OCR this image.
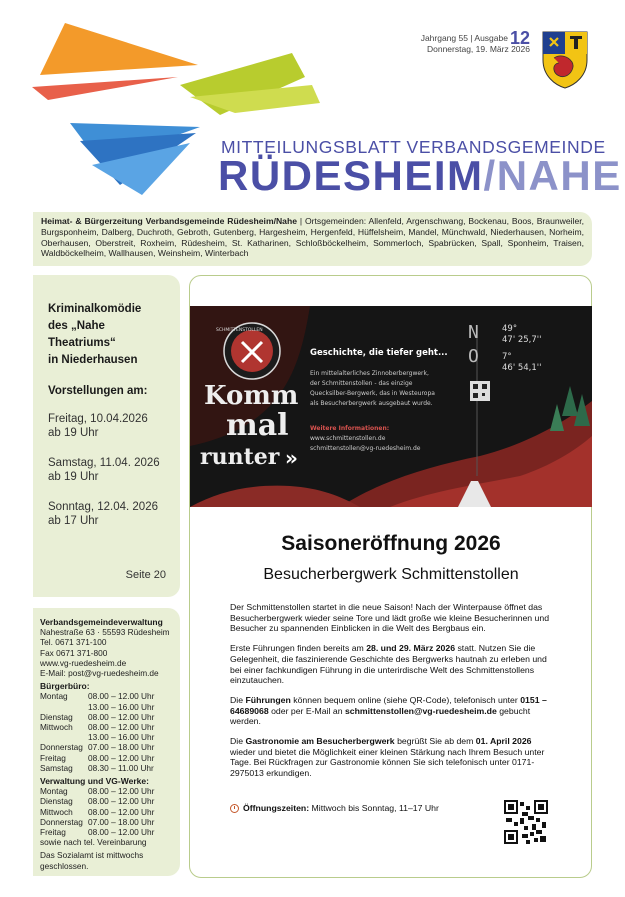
Jahrgang 55 | Ausgabe 12
Donnerstag, 19. März 2026
MITTEILUNGSBLATT VERBANDSGEMEINDE
RÜDESHEIM/NAHE
Heimat- & Bürgerzeitung Verbandsgemeinde Rüdesheim/Nahe | Ortsgemeinden: Allenfeld, Argenschwang, Bockenau, Boos, Braunweiler, Burgsponheim, Dalberg, Duchroth, Gebroth, Gutenberg, Hargesheim, Hergenfeld, Hüffelsheim, Mandel, Münchwald, Niederhausen, Norheim, Oberhausen, Oberstreit, Roxheim, Rüdesheim, St. Katharinen, Schloßböckelheim, Sommerloch, Spabrücken, Spall, Sponheim, Traisen, Waldböckelheim, Wallhausen, Weinsheim, Winterbach
Kriminalkomödie
des „Nahe Theatriums“
in Niederhausen
Vorstellungen am:
Freitag, 10.04.2026
ab 19 Uhr
Samstag, 11.04. 2026
ab 19 Uhr
Sonntag, 12.04. 2026
ab 17 Uhr
Seite 20
Verbandsgemeindeverwaltung
Nahestraße 63 · 55593 Rüdesheim
Tel. 0671 371-100
Fax 0671 371-800
www.vg-ruedesheim.de
E-Mail: post@vg-ruedesheim.de
Bürgerbüro:
Montag	08.00 – 12.00 Uhr
13.00 – 16.00 Uhr
Dienstag	08.00 – 12.00 Uhr
Mittwoch	08.00 – 12.00 Uhr
13.00 – 16.00 Uhr
Donnerstag 07.00 – 18.00 Uhr
Freitag	08.00 – 12.00 Uhr
Samstag	08.30 – 11.00 Uhr
Verwaltung und VG-Werke:
Montag	08.00 – 12.00 Uhr
Dienstag	08.00 – 12.00 Uhr
Mittwoch	08.00 – 12.00 Uhr
Donnerstag 07.00 – 18.00 Uhr
Freitag	08.00 – 12.00 Uhr
sowie nach tel. Vereinbarung
Das Sozialamt ist mittwochs geschlossen.
SCHMITTENSTOLLEN
Komm
mal
runter »
Geschichte, die tiefer geht...
Ein mittelalterliches Zinnoberbergwerk,
der Schmittenstollen - das einzige
Quecksilber-Bergwerk, das in Westeuropa
als Besucherbergwerk ausgebaut wurde.
Weitere Informationen:
www.schmittenstollen.de
schmittenstollen@vg-ruedesheim.de
N
O
49°
47' 25,7''
7°
46' 54,1''
Saisoneröffnung 2026
Besucherbergwerk Schmittenstollen

Der Schmittenstollen startet in die neue Saison! Nach der Winterpause öffnet das Besucherbergwerk wieder seine Tore und lädt große wie kleine Besucherinnen und Besucher zu spannenden Einblicken in die Welt des Bergbaus ein.

Erste Führungen finden bereits am 28. und 29. März 2026 statt. Nutzen Sie die Gelegenheit, die faszinierende Geschichte des Bergwerks hautnah zu erleben und bei einer fachkundigen Führung in die unterirdische Welt des Schmittenstollens einzutauchen.

Die Führungen können bequem online (siehe QR-Code), telefonisch unter 0151 – 64689068 oder per E-Mail an schmittenstollen@vg-ruedesheim.de gebucht werden.

Die Gastronomie am Besucherbergwerk begrüßt Sie ab dem 01. April 2026 wieder und bietet die Möglichkeit einer kleinen Stärkung nach Ihrem Besuch unter Tage. Bei Rückfragen zur Gastronomie können Sie sich telefonisch unter 0171-2975013 erkundigen.

Öffnungszeiten: Mittwoch bis Sonntag, 11–17 Uhr
